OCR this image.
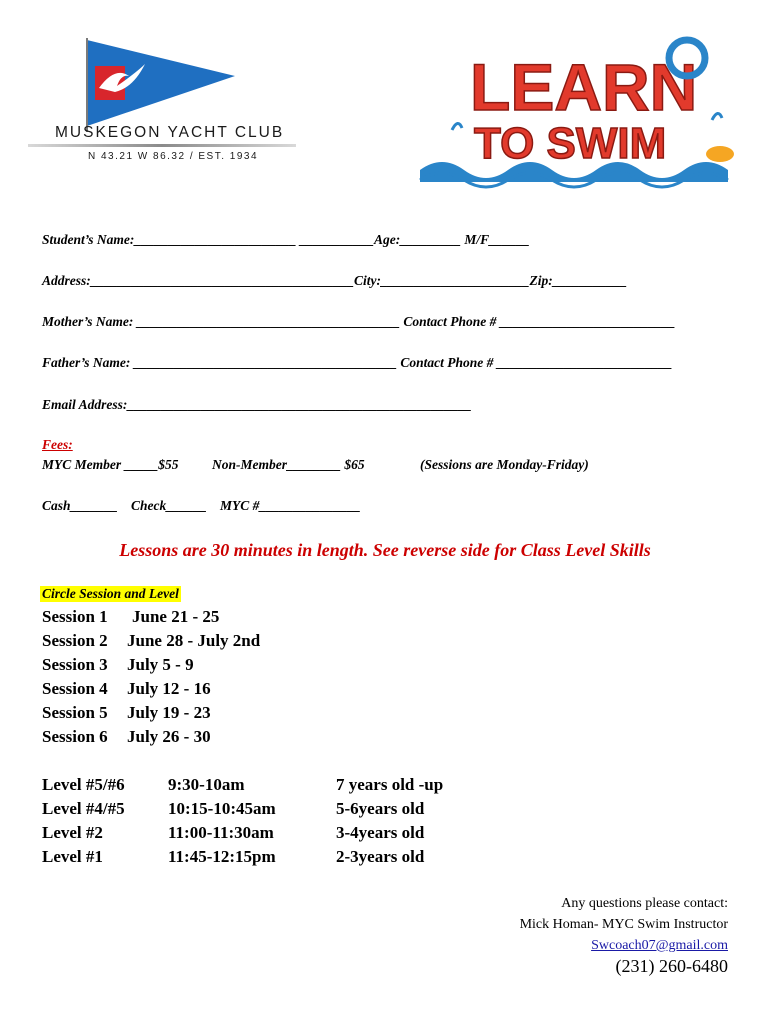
MUSKEGON YACHT CLUB
N 43.21 W 86.32 / EST. 1934
LEARN
TO SWIM
Student’s Name:________________________ ___________Age:_________ M/F______
Address:_______________________________________City:______________________Zip:___________
Mother’s Name: _______________________________________ Contact Phone # __________________________
Father’s Name: _______________________________________ Contact Phone # __________________________
Email Address:___________________________________________________
Fees:
MYC Member _____$55 Non-Member________ $65	(Sessions are Monday-Friday)
Cash_______ Check______ MYC #_______________
Lessons are 30 minutes in length. See reverse side for Class Level Skills
Circle Session and Level
Session 1 June 21 - 25
Session 2 June 28 - July 2nd
Session 3 July 5 - 9
Session 4 July 12 - 16
Session 5 July 19 - 23
Session 6 July 26 - 30
Level #5/#6	9:30-10am	7 years old -up
Level #4/#5	10:15-10:45am	5-6years old
Level #2	11:00-11:30am	3-4years old
Level #1	11:45-12:15pm	2-3years old
Any questions please contact:
Mick Homan- MYC Swim Instructor
Swcoach07@gmail.com
(231) 260-6480
